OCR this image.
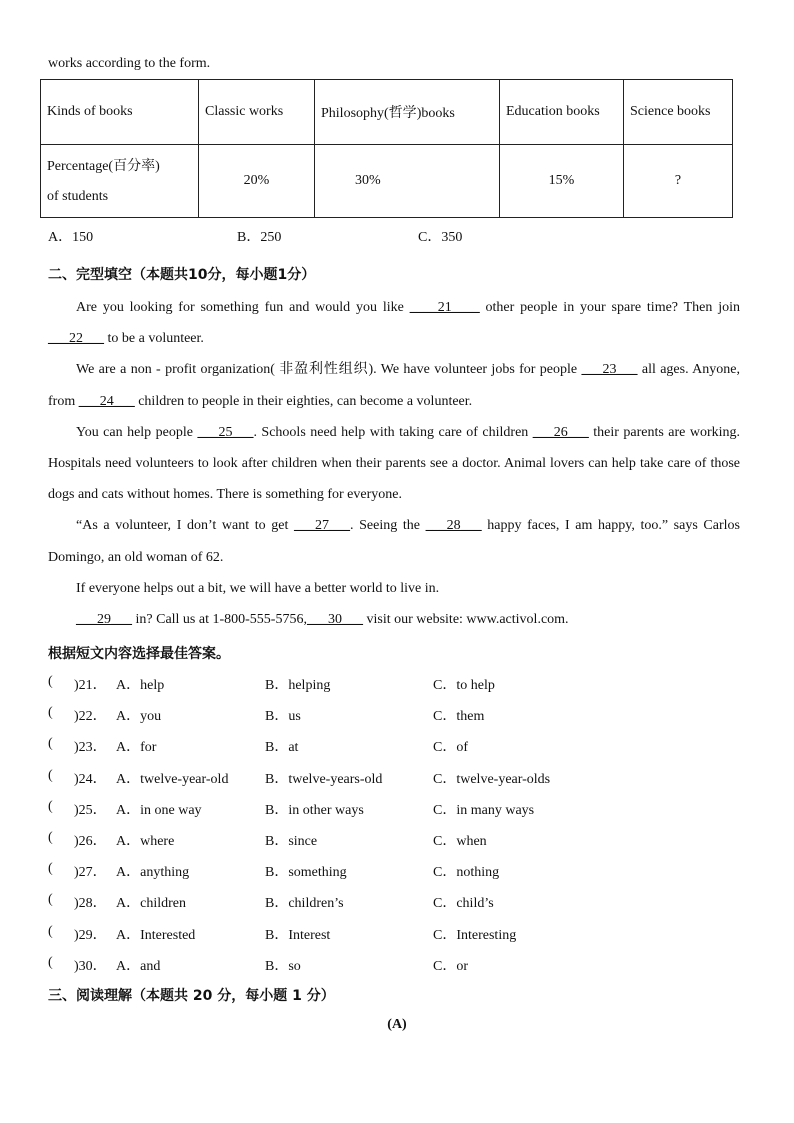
works according to the form.
Kinds of books	Classic works	Philosophy(哲学)books	Education books	Science books
Percentage(百分率)
of students	20%	30%	15%	?
A．150	B．250	C．350
二、完型填空（本题共10分，每小题1分）

Are you looking for something fun and would you like ____21____ other people in your spare time? Then join ___22___ to be a volunteer.

We are a non - profit organization( 非盈利性组织). We have volunteer jobs for people ___23___ all ages. Anyone, from ___24___ children to people in their eighties, can become a volunteer.

You can help people ___25___. Schools need help with taking care of children ___26___ their parents are working. Hospitals need volunteers to look after children when their parents see a doctor. Animal lovers can help take care of those dogs and cats without homes. There is something for everyone.

“As a volunteer, I don’t want to get ___27___. Seeing the ___28___ happy faces, I am happy, too.” says Carlos Domingo, an old woman of 62.

If everyone helps out a bit, we will have a better world to live in.

___29___ in? Call us at 1-800-555-5756,___30___ visit our website: www.activol.com.

根据短文内容选择最佳答案。
( )21． A．help	B．helping	C．to help
( )22． A．you	B．us	C．them
( )23． A．for	B．at	C．of
( )24． A．twelve-year-old	B．twelve-years-old	C．twelve-year-olds
( )25． A．in one way	B．in other ways	C．in many ways
( )26． A．where	B．since	C．when
( )27． A．anything	B．something	C．nothing
( )28． A．children	B．children’s	C．child’s
( )29． A．Interested	B．Interest	C．Interesting
( )30． A．and	B．so	C．or
三、阅读理解（本题共 20 分，每小题 1 分）
(A)
